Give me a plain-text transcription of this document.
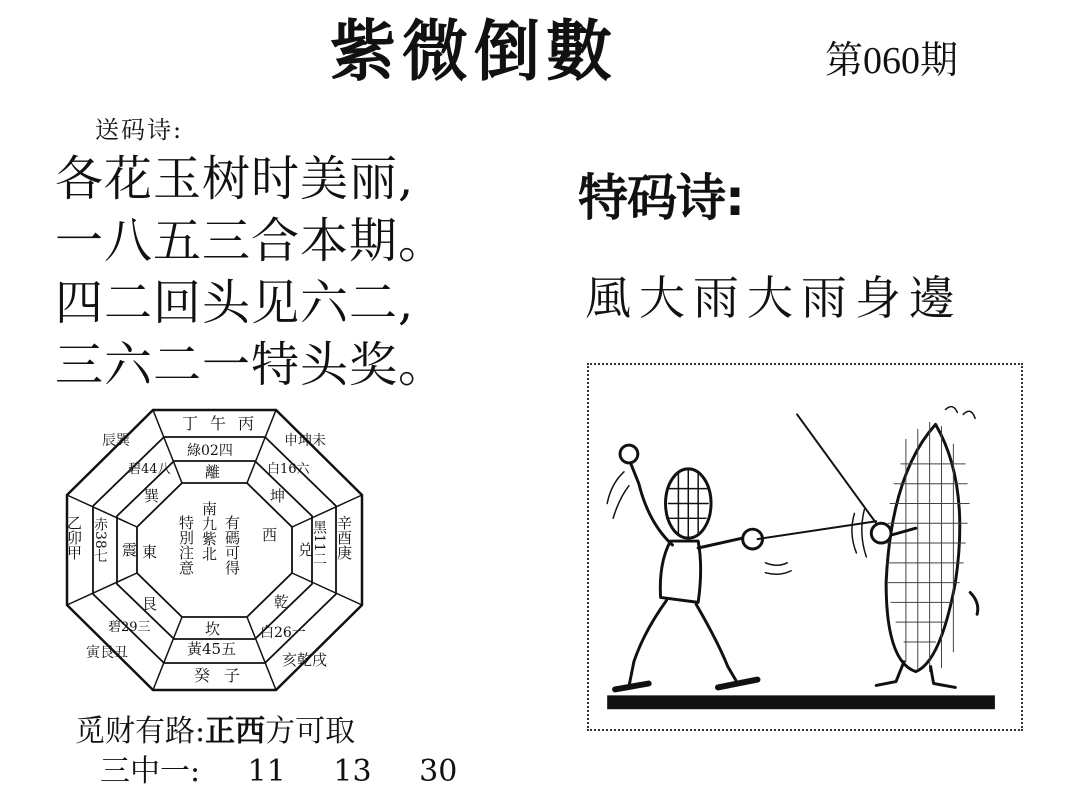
紫微倒數	第060期
送码诗:
各花玉树时美丽,
一八五三合本期。
四二回头见六二,
三六二一特头奖。
特码诗:
風大雨大雨身邊
有碼可得 西
南九紫北
特別注意
東
坎
乾
兑
離
震
艮
巽	坤
黃45五
白26一
黑11二
綠02四
白16六
碧44八
赤38七
碧29三
癸子
亥乾戌
辛酉庚
丁午丙
申坤未
辰巽
乙卯甲
寅艮丑
觅财有路:正西方可取
三中一: 11 13 30
